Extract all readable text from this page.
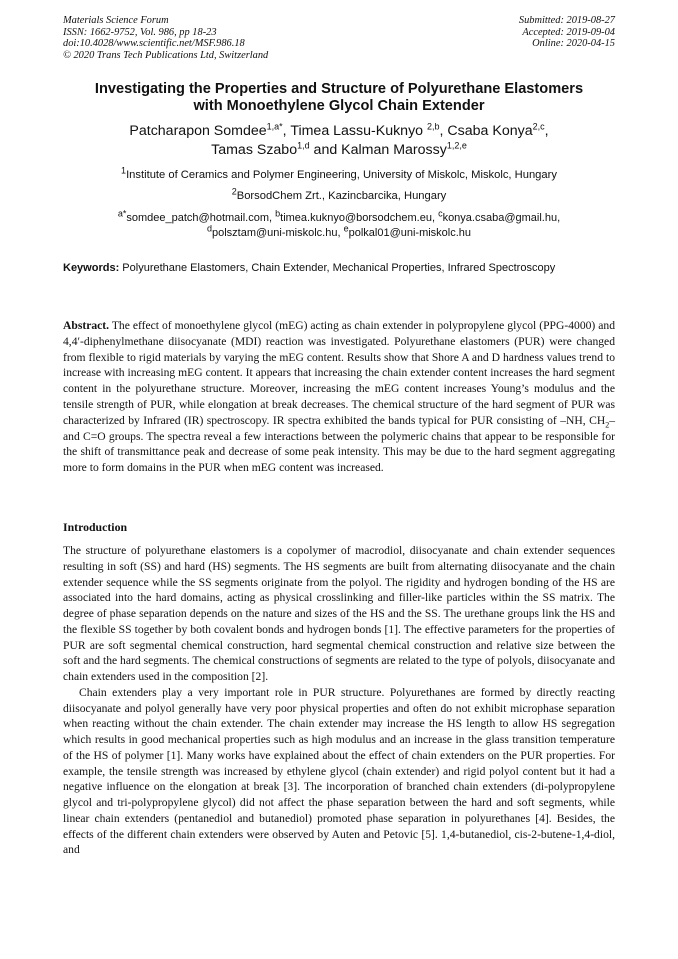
Materials Science Forum
ISSN: 1662-9752, Vol. 986, pp 18-23
doi:10.4028/www.scientific.net/MSF.986.18
© 2020 Trans Tech Publications Ltd, Switzerland
Submitted: 2019-08-27
Accepted: 2019-09-04
Online: 2020-04-15
Investigating the Properties and Structure of Polyurethane Elastomers
with Monoethylene Glycol Chain Extender
Patcharapon Somdee$^{1,a*}$, Timea Lassu-Kuknyo $^{2,b}$, Csaba Konya$^{2,c}$,
Tamas Szabo$^{1,d}$ and Kalman Marossy$^{1,2,e}$
$^1$Institute of Ceramics and Polymer Engineering, University of Miskolc, Miskolc, Hungary
$^2$BorsodChem Zrt., Kazincbarcika, Hungary
$^{a*}$somdee_patch@hotmail.com, $^b$timea.kuknyo@borsodchem.eu, $^c$konya.csaba@gmail.hu,
$^d$polsztam@uni-miskolc.hu, $^e$polkal01@uni-miskolc.hu
Keywords: Polyurethane Elastomers, Chain Extender, Mechanical Properties, Infrared Spectroscopy
Abstract. The effect of monoethylene glycol (mEG) acting as chain extender in polypropylene glycol (PPG-4000) and 4,4′-diphenylmethane diisocyanate (MDI) reaction was investigated. Polyurethane elastomers (PUR) were changed from flexible to rigid materials by varying the mEG content. Results show that Shore A and D hardness values trend to increase with increasing mEG content. It appears that increasing the chain extender content increases the hard segment content in the polyurethane structure. Moreover, increasing the mEG content increases Young’s modulus and the tensile strength of PUR, while elongation at break decreases. The chemical structure of the hard segment of PUR was characterized by Infrared (IR) spectroscopy. IR spectra exhibited the bands typical for PUR consisting of –NH, $CH_2-$ and C=O groups. The spectra reveal a few interactions between the polymeric chains that appear to be responsible for the shift of transmittance peak and decrease of some peak intensity. This may be due to the hard segment aggregating more to form domains in the PUR when mEG content was increased.
Introduction

The structure of polyurethane elastomers is a copolymer of macrodiol, diisocyanate and chain extender sequences resulting in soft (SS) and hard (HS) segments. The HS segments are built from alternating diisocyanate and the chain extender sequence while the SS segments originate from the polyol. The rigidity and hydrogen bonding of the HS are associated into the hard domains, acting as physical crosslinking and filler-like particles within the SS matrix. The degree of phase separation depends on the nature and sizes of the HS and the SS. The urethane groups link the HS and the flexible SS together by both covalent bonds and hydrogen bonds [1]. The effective parameters for the properties of PUR are soft segmental chemical construction, hard segmental chemical construction and relative size between the soft and the hard segments. The chemical constructions of segments are related to the type of polyols, diisocyanate and chain extenders used in the composition [2].

Chain extenders play a very important role in PUR structure. Polyurethanes are formed by directly reacting diisocyanate and polyol generally have very poor physical properties and often do not exhibit microphase separation when reacting without the chain extender. The chain extender may increase the HS length to allow HS segregation which results in good mechanical properties such as high modulus and an increase in the glass transition temperature of the HS of polymer [1]. Many works have explained about the effect of chain extenders on the PUR properties. For example, the tensile strength was increased by ethylene glycol (chain extender) and rigid polyol content but it had a negative influence on the elongation at break [3]. The incorporation of branched chain extenders (di-polypropylene glycol and tri-polypropylene glycol) did not affect the phase separation between the hard and soft segments, while linear chain extenders (pentanediol and butanediol) promoted phase separation in polyurethanes [4]. Besides, the effects of the different chain extenders were observed by Auten and Petovic [5]. 1,4-butanediol, cis-2-butene-1,4-diol, and
